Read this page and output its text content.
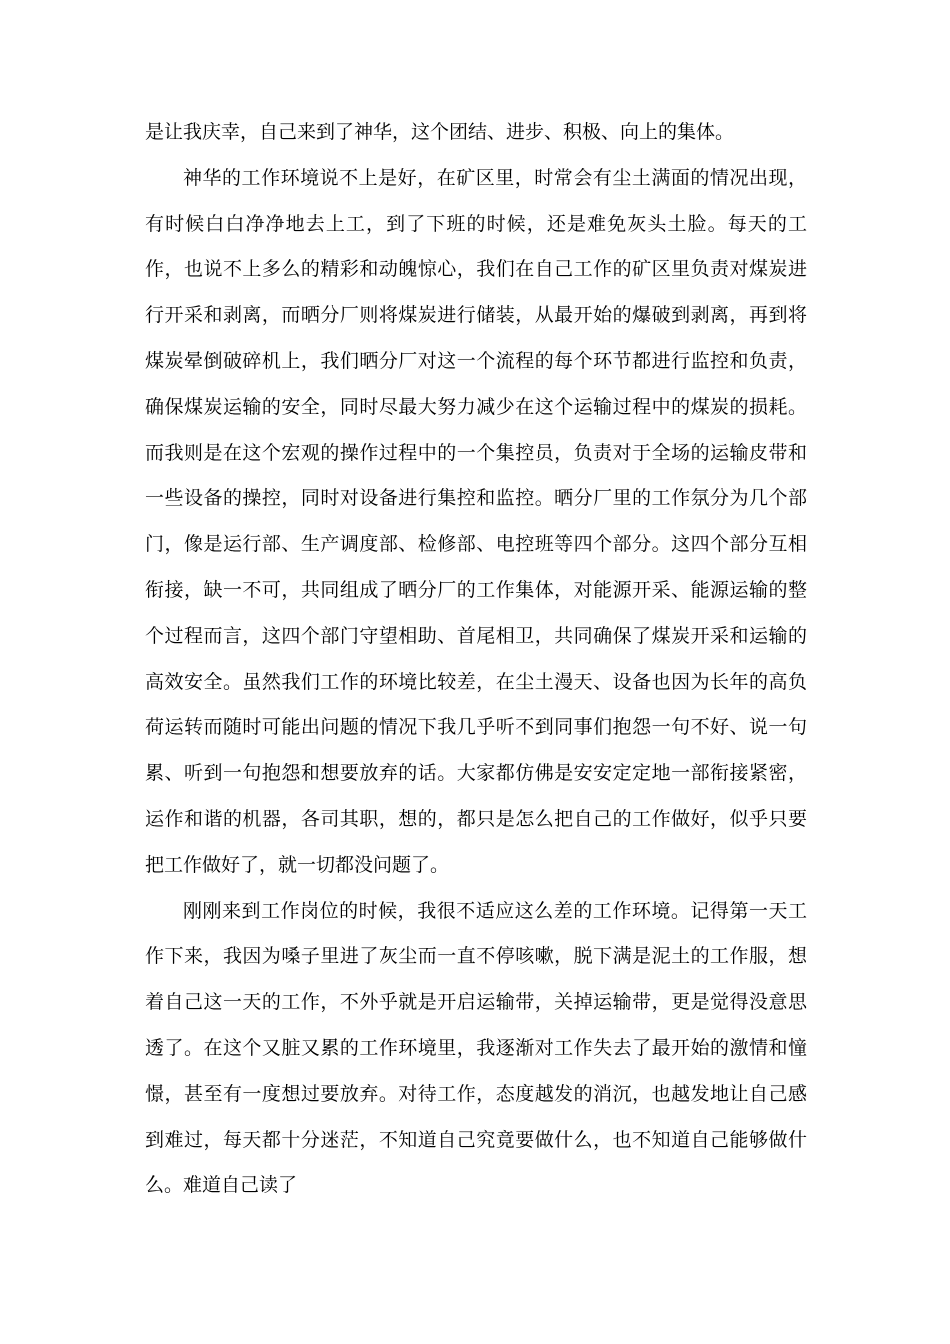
是让我庆幸，自己来到了神华，这个团结、进步、积极、向上的集体。

神华的工作环境说不上是好，在矿区里，时常会有尘土满面的情况出现，有时候白白净净地去上工，到了下班的时候，还是难免灰头土脸。每天的工作，也说不上多么的精彩和动魄惊心，我们在自己工作的矿区里负责对煤炭进行开采和剥离，而晒分厂则将煤炭进行储装，从最开始的爆破到剥离，再到将煤炭晕倒破碎机上，我们晒分厂对这一个流程的每个环节都进行监控和负责，确保煤炭运输的安全，同时尽最大努力减少在这个运输过程中的煤炭的损耗。而我则是在这个宏观的操作过程中的一个集控员，负责对于全场的运输皮带和一些设备的操控，同时对设备进行集控和监控。晒分厂里的工作氛分为几个部门，像是运行部、生产调度部、检修部、电控班等四个部分。这四个部分互相衔接，缺一不可，共同组成了晒分厂的工作集体，对能源开采、能源运输的整个过程而言，这四个部门守望相助、首尾相卫，共同确保了煤炭开采和运输的高效安全。虽然我们工作的环境比较差，在尘土漫天、设备也因为长年的高负荷运转而随时可能出问题的情况下我几乎听不到同事们抱怨一句不好、说一句累、听到一句抱怨和想要放弃的话。大家都仿佛是安安定定地一部衔接紧密，运作和谐的机器，各司其职，想的，都只是怎么把自己的工作做好，似乎只要把工作做好了，就一切都没问题了。

刚刚来到工作岗位的时候，我很不适应这么差的工作环境。记得第一天工作下来，我因为嗓子里进了灰尘而一直不停咳嗽，脱下满是泥土的工作服，想着自己这一天的工作，不外乎就是开启运输带，关掉运输带，更是觉得没意思透了。在这个又脏又累的工作环境里，我逐渐对工作失去了最开始的激情和憧憬，甚至有一度想过要放弃。对待工作，态度越发的消沉，也越发地让自己感到难过，每天都十分迷茫，不知道自己究竟要做什么，也不知道自己能够做什么。难道自己读了
